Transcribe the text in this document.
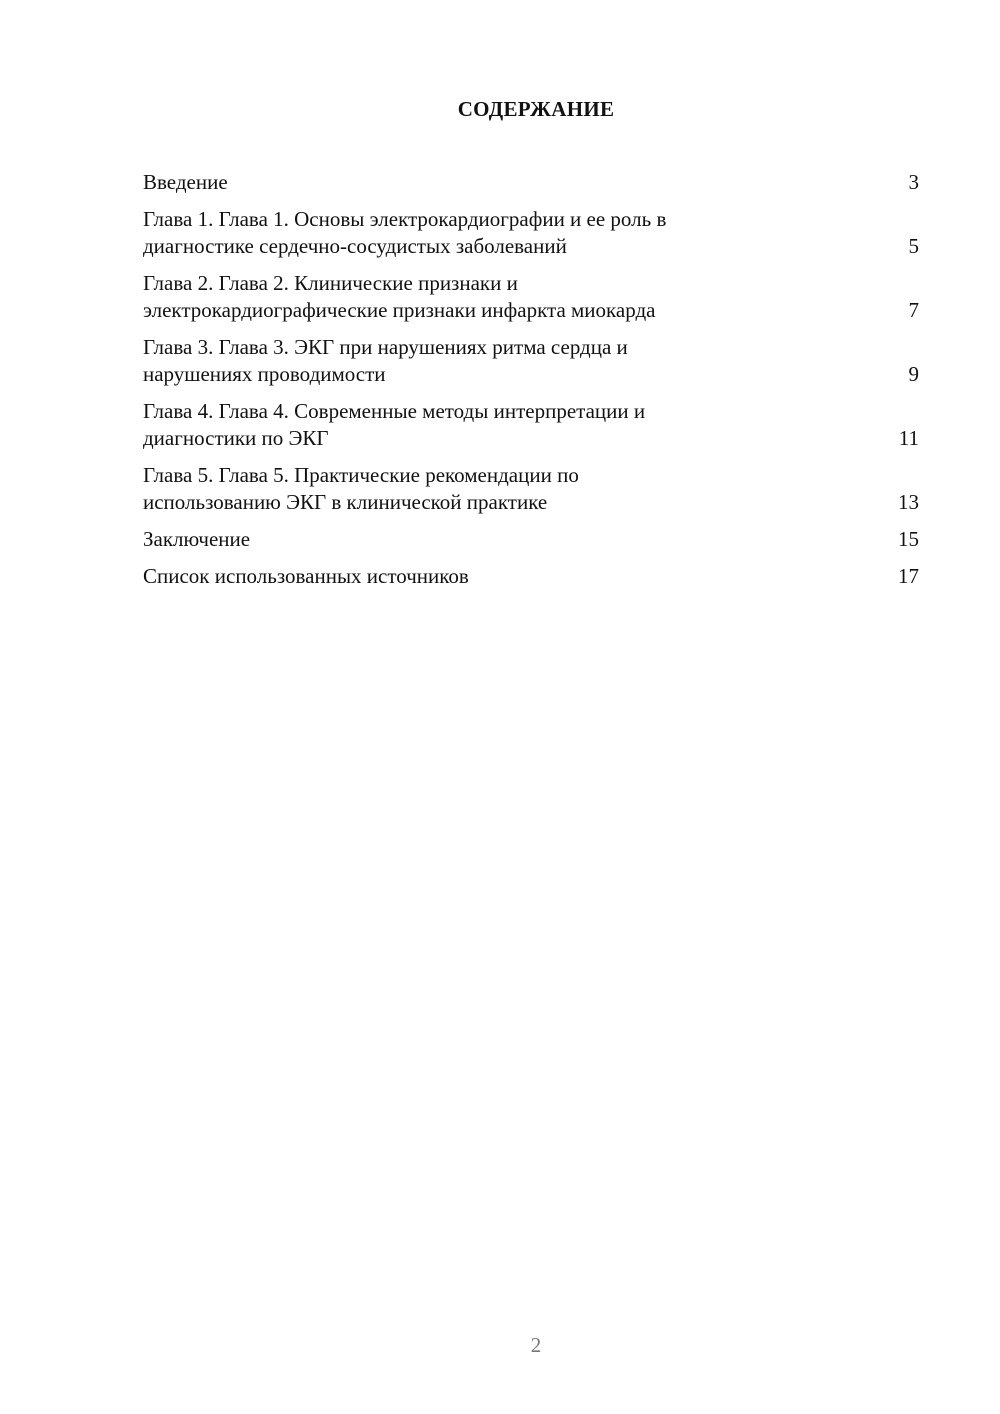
СОДЕРЖАНИЕ
Введение	3
Глава 1. Глава 1. Основы электрокардиографии и ее роль в
диагностике сердечно-сосудистых заболеваний	5
Глава 2. Глава 2. Клинические признаки и
электрокардиографические признаки инфаркта миокарда	7
Глава 3. Глава 3. ЭКГ при нарушениях ритма сердца и
нарушениях проводимости	9
Глава 4. Глава 4. Современные методы интерпретации и
диагностики по ЭКГ	11
Глава 5. Глава 5. Практические рекомендации по
использованию ЭКГ в клинической практике	13
Заключение	15
Список использованных источников	17
2
